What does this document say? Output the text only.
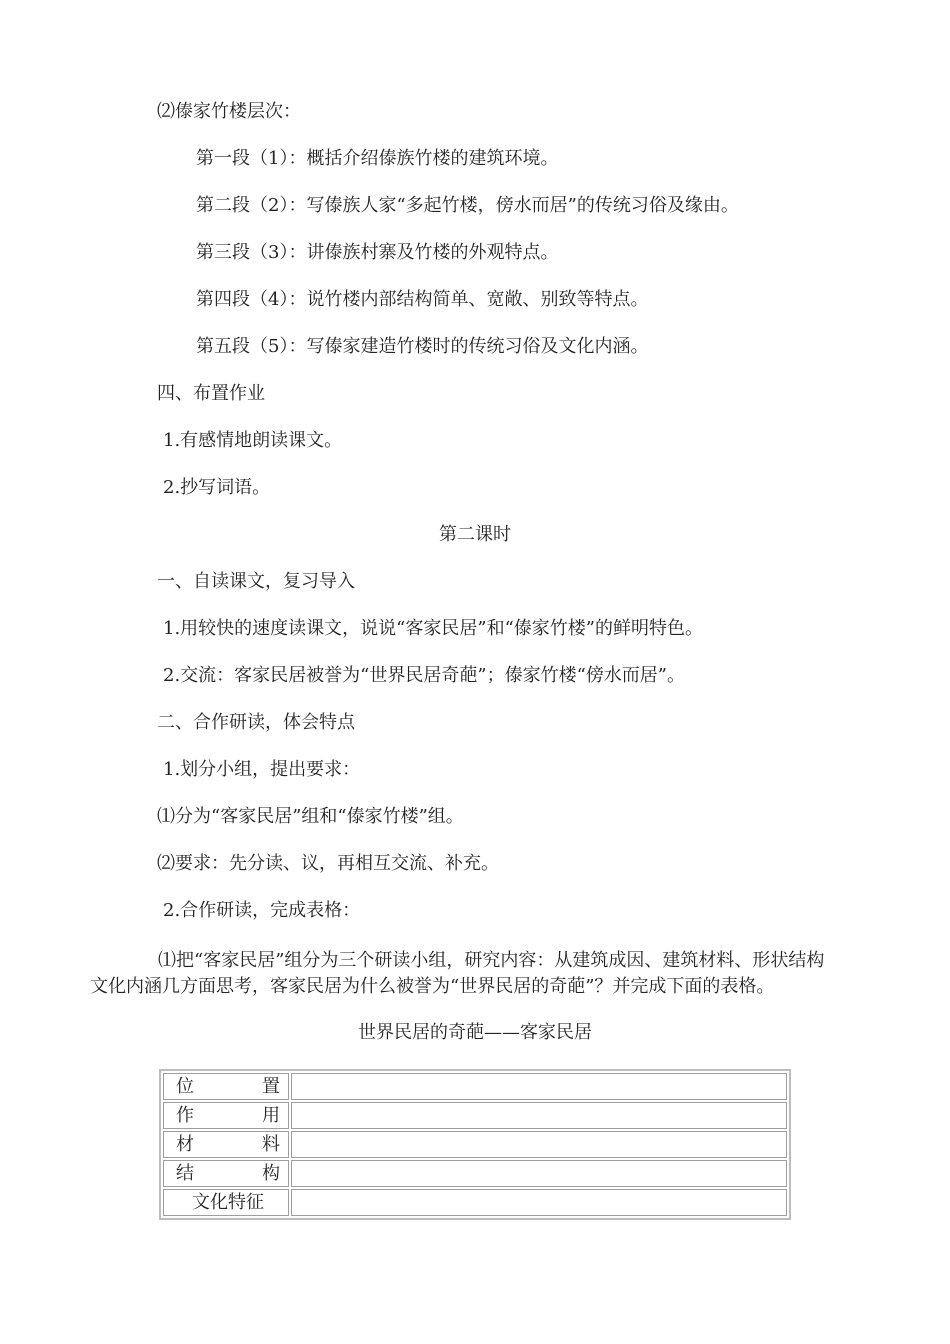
⑵傣家竹楼层次：
第一段（1）：概括介绍傣族竹楼的建筑环境。
第二段（2）：写傣族人家“多起竹楼，傍水而居”的传统习俗及缘由。
第三段（3）：讲傣族村寨及竹楼的外观特点。
第四段（4）：说竹楼内部结构简单、宽敞、别致等特点。
第五段（5）：写傣家建造竹楼时的传统习俗及文化内涵。
四、布置作业
1.有感情地朗读课文。
2.抄写词语。
第二课时
一、自读课文，复习导入
1.用较快的速度读课文，说说“客家民居”和“傣家竹楼”的鲜明特色。
2.交流：客家民居被誉为“世界民居奇葩”；傣家竹楼“傍水而居”。
二、合作研读，体会特点
1.划分小组，提出要求：
⑴分为“客家民居”组和“傣家竹楼”组。
⑵要求：先分读、议，再相互交流、补充。
2.合作研读，完成表格：
⑴把“客家民居”组分为三个研读小组，研究内容：从建筑成因、建筑材料、形状结构
文化内涵几方面思考，客家民居为什么被誉为“世界民居的奇葩”？并完成下面的表格。
世界民居的奇葩——客家民居
位 置	

作 用	

材 料	

结 构	

文化特征	
